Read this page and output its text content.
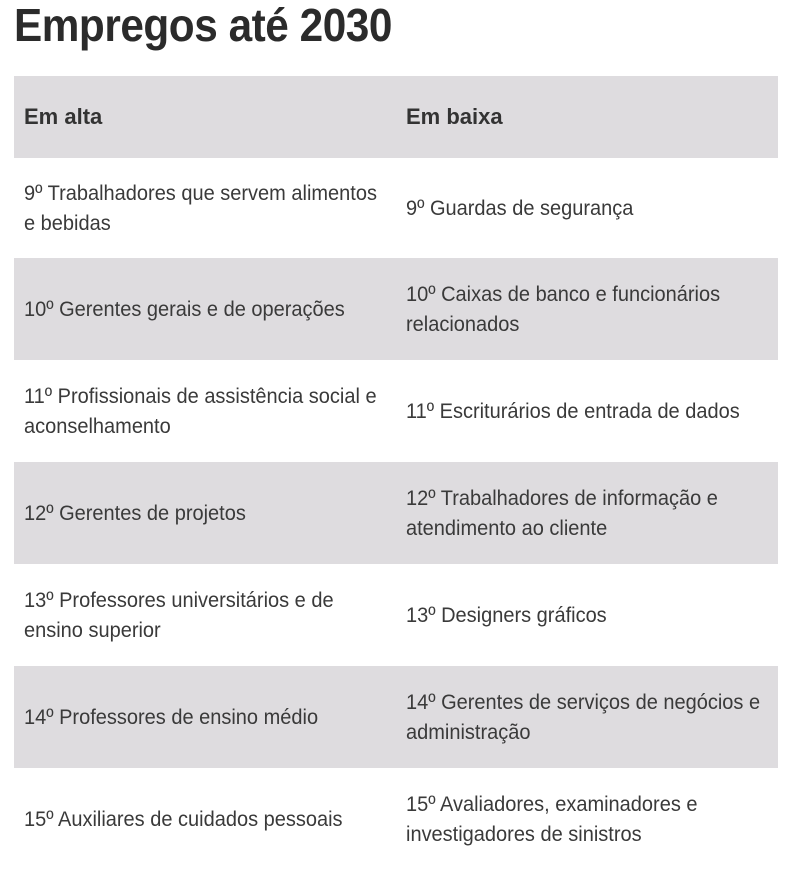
Empregos até 2030
Em alta	Em baixa

9º Trabalhadores que servem alimentos e bebidas	9º Guardas de segurança

10º Gerentes gerais e de operações	10º Caixas de banco e funcionários relacionados

11º Profissionais de assistência social e aconselhamento	11º Escriturários de entrada de dados

12º Gerentes de projetos	12º Trabalhadores de informação e atendimento ao cliente

13º Professores universitários e de ensino superior	13º Designers gráficos

14º Professores de ensino médio	14º Gerentes de serviços de negócios e administração

15º Auxiliares de cuidados pessoais	15º Avaliadores, examinadores e investigadores de sinistros
